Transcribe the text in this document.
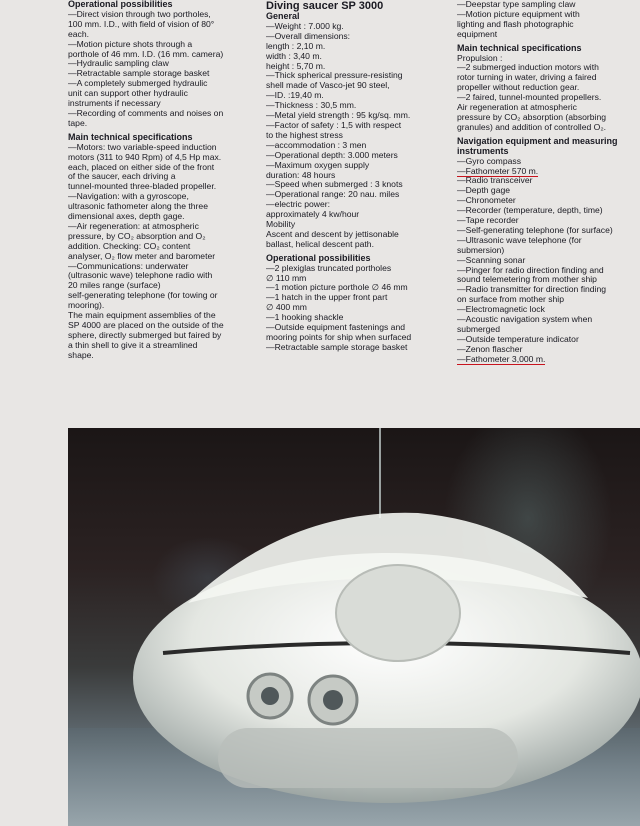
Operational possibilities

—Direct vision through two portholes,

100 mm. I.D., with field of vision of 80°

each.

—Motion picture shots through a

porthole of 46 mm. I.D. (16 mm. camera)

—Hydraulic sampling claw

—Retractable sample storage basket

—A completely submerged hydraulic

unit can support other hydraulic

instruments if necessary

—Recording of comments and noises on

tape.

Main technical specifications

—Motors: two variable-speed induction

motors (311 to 940 Rpm) of 4,5 Hp max.

each, placed on either side of the front

of the saucer, each driving a

tunnel-mounted three-bladed propeller.

—Navigation: with a gyroscope,

ultrasonic fathometer along the three

dimensional axes, depth gage.

—Air regeneration: at atmospheric

pressure, by CO₂ absorption and O₂

addition. Checking: CO₂ content

analyser, O₂ flow meter and barometer

—Communications: underwater

(ultrasonic wave) telephone radio with

20 miles range (surface)

self-generating telephone (for towing or

mooring).

The main equipment assemblies of the

SP 4000 are placed on the outside of the

sphere, directly submerged but faired by

a thin shell to give it a streamlined

shape.

Diving saucer SP 3000

General

—Weight : 7.000 kg.

—Overall dimensions:

length : 2,10 m.

width : 3,40 m.

height : 5,70 m.

—Thick spherical pressure-resisting

shell made of Vasco-jet 90 steel,

—ID. :19,40 m.

—Thickness : 30,5 mm.

—Metal yield strength : 95 kg/sq. mm.

—Factor of safety : 1,5 with respect

to the highest stress

—accommodation : 3 men

—Operational depth: 3.000 meters

—Maximum oxygen supply

duration: 48 hours

—Speed when submerged : 3 knots

—Operational range: 20 nau. miles

—electric power:

approximately 4 kw/hour

Mobility

Ascent and descent by jettisonable

ballast, helical descent path.

Operational possibilities

—2 plexiglas truncated portholes

∅ 110 mm

—1 motion picture porthole ∅ 46 mm

—1 hatch in the upper front part

∅ 400 mm

—1 hooking shackle

—Outside equipment fastenings and

mooring points for ship when surfaced

—Retractable sample storage basket

—Deepstar type sampling claw

—Motion picture equipment with

lighting and flash photographic

equipment

Main technical specifications

Propulsion :

—2 submerged induction motors with

rotor turning in water, driving a faired

propeller without reduction gear.

—2 faired, tunnel-mounted propellers.

Air regeneration at atmospheric

pressure by CO₂ absorption (absorbing

granules) and addition of controlled O₂.

Navigation equipment and measuring instruments

—Gyro compass

—Fathometer 570 m.

—Radio transceiver

—Depth gage

—Chronometer

—Recorder (temperature, depth, time)

—Tape recorder

—Self-generating telephone (for surface)

—Ultrasonic wave telephone (for

submersion)

—Scanning sonar

—Pinger for radio direction finding and

sound telemetering from mother ship

—Radio transmitter for direction finding

on surface from mother ship

—Electromagnetic lock

—Acoustic navigation system when

submerged

—Outside temperature indicator

—Zenon flascher

—Fathometer 3,000 m.
